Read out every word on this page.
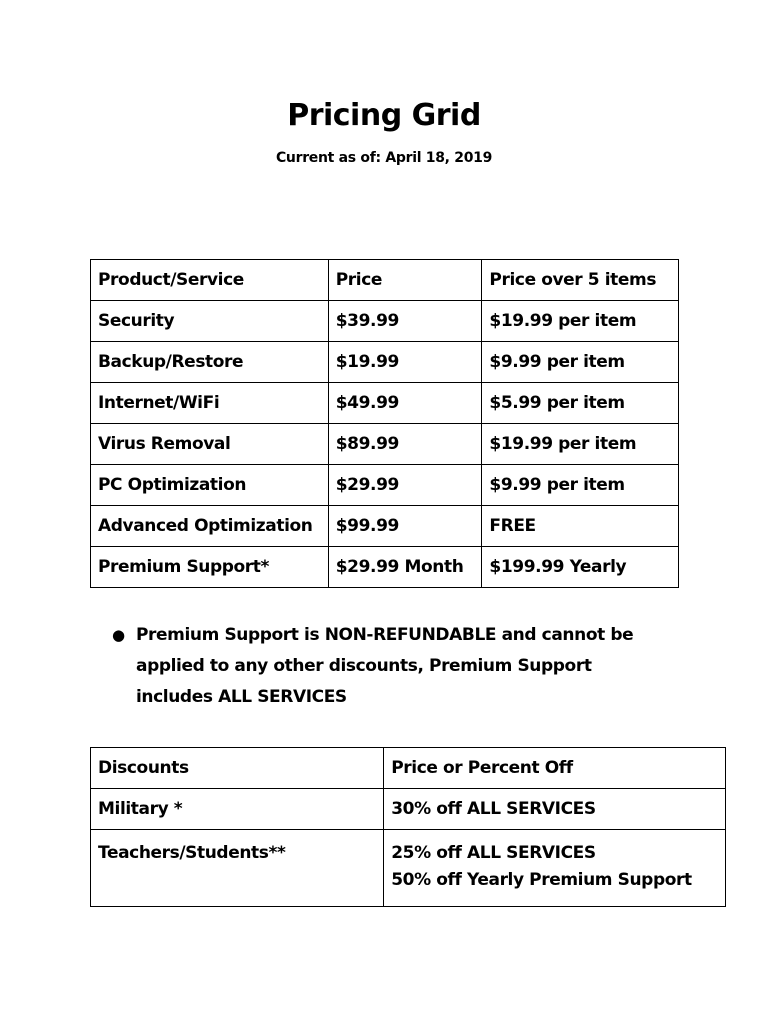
Pricing Grid

Current as of: April 18, 2019

Product/Service	Price	Price over 5 items
Security	$39.99	$19.99 per item
Backup/Restore	$19.99	$9.99 per item
Internet/WiFi	$49.99	$5.99 per item
Virus Removal	$89.99	$19.99 per item
PC Optimization	$29.99	$9.99 per item
Advanced Optimization	$99.99	FREE
Premium Support*	$29.99 Month	$199.99 Yearly
● Premium Support is NON-REFUNDABLE and cannot be applied to any other discounts, Premium Support includes ALL SERVICES
Discounts	Price or Percent Off
Military *	30% off ALL SERVICES

Teachers/Students**	25% off ALL SERVICES
50% off Yearly Premium Support
